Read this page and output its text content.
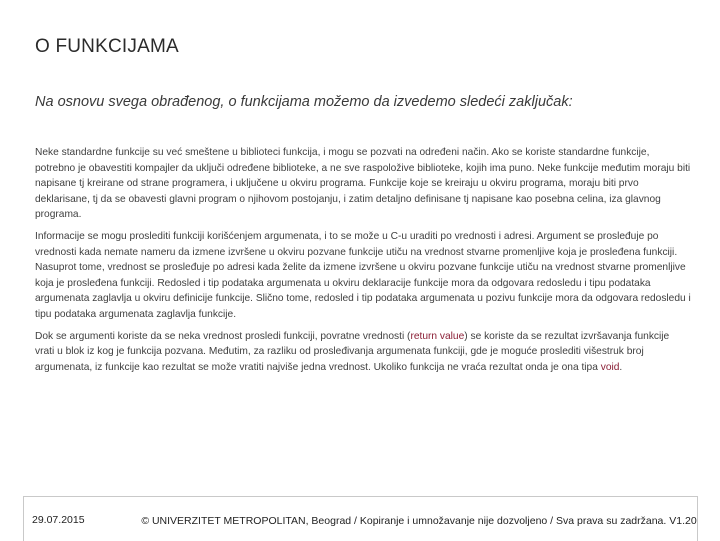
O FUNKCIJAMA
Na osnovu svega obrađenog, o funkcijama možemo da izvedemo sledeći zaključak:

Neke standardne funkcije su već smeštene u biblioteci funkcija, i mogu se pozvati na određeni način. Ako se koriste standardne funkcije, potrebno je obavestiti kompajler da uključi određene biblioteke, a ne sve raspoložive biblioteke, kojih ima puno. Neke funkcije međutim moraju biti napisane tj kreirane od strane programera, i uključene u okviru programa. Funkcije koje se kreiraju u okviru programa, moraju biti prvo deklarisane, tj da se obavesti glavni program o njihovom postojanju, i zatim detaljno definisane tj napisane kao posebna celina, iza glavnog programa.

Informacije se mogu proslediti funkciji korišćenjem argumenata, i to se može u C-u uraditi po vrednosti i adresi. Argument se prosleđuje po vrednosti kada nemate nameru da izmene izvršene u okviru pozvane funkcije utiču na vrednost stvarne promenljive koja je prosleđena funkciji. Nasuprot tome, vrednost se prosleđuje po adresi kada želite da izmene izvršene u okviru pozvane funkcije utiču na vrednost stvarne promenljive koja je prosleđena funkciji. Redosled i tip podataka argumenata u okviru deklaracije funkcije mora da odgovara redosledu i tipu podataka argumenata zaglavlja u okviru definicije funkcije. Slično tome, redosled i tip podataka argumenata u pozivu funkcije mora da odgovara redosledu i tipu podataka argumenata zaglavlja funkcije.

Dok se argumenti koriste da se neka vrednost prosledi funkciji, povratne vrednosti (return value) se koriste da se rezultat izvršavanja funkcije vrati u blok iz kog je funkcija pozvana. Međutim, za razliku od prosleđivanja argumenata funkciji, gde je moguće proslediti višestruk broj argumenata, iz funkcije kao rezultat se može vratiti najviše jedna vrednost. Ukoliko funkcija ne vraća rezultat onda je ona tipa void.

29.07.2015	© UNIVERZITET METROPOLITAN, Beograd / Kopiranje i umnožavanje nije dozvoljeno / Sva prava su zadržana. V1.20
